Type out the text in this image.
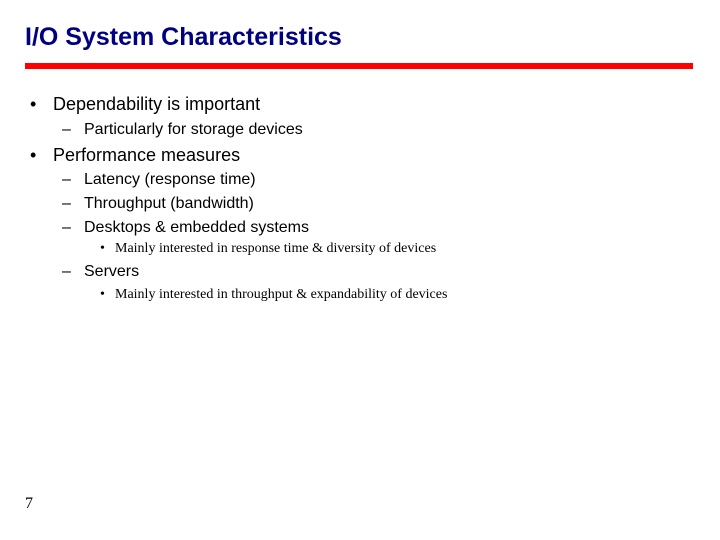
I/O System Characteristics
• Dependability is important
– Particularly for storage devices
• Performance measures
– Latency (response time)
– Throughput (bandwidth)
– Desktops & embedded systems
• Mainly interested in response time & diversity of devices
– Servers
• Mainly interested in throughput & expandability of devices
7
